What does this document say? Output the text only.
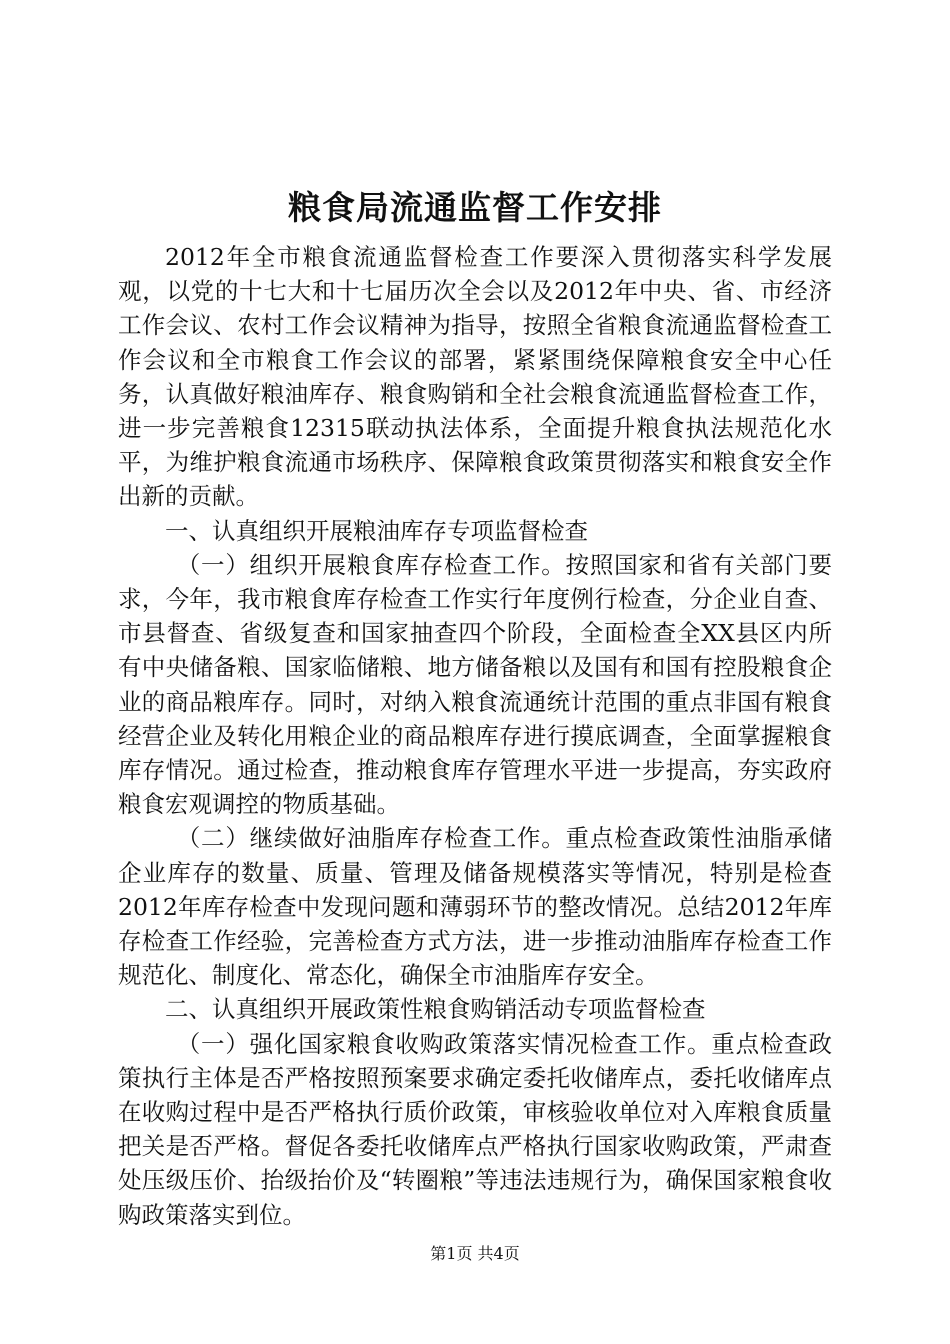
粮食局流通监督工作安排

2012年全市粮食流通监督检查工作要深入贯彻落实科学发展观，以党的十七大和十七届历次全会以及2012年中央、省、市经济工作会议、农村工作会议精神为指导，按照全省粮食流通监督检查工作会议和全市粮食工作会议的部署，紧紧围绕保障粮食安全中心任务，认真做好粮油库存、粮食购销和全社会粮食流通监督检查工作，进一步完善粮食12315联动执法体系，全面提升粮食执法规范化水平，为维护粮食流通市场秩序、保障粮食政策贯彻落实和粮食安全作出新的贡献。

一、认真组织开展粮油库存专项监督检查

（一）组织开展粮食库存检查工作。按照国家和省有关部门要求，今年，我市粮食库存检查工作实行年度例行检查，分企业自查、市县督查、省级复查和国家抽查四个阶段，全面检查全XX县区内所有中央储备粮、国家临储粮、地方储备粮以及国有和国有控股粮食企业的商品粮库存。同时，对纳入粮食流通统计范围的重点非国有粮食经营企业及转化用粮企业的商品粮库存进行摸底调查，全面掌握粮食库存情况。通过检查，推动粮食库存管理水平进一步提高，夯实政府粮食宏观调控的物质基础。

（二）继续做好油脂库存检查工作。重点检查政策性油脂承储企业库存的数量、质量、管理及储备规模落实等情况，特别是检查2012年库存检查中发现问题和薄弱环节的整改情况。总结2012年库存检查工作经验，完善检查方式方法，进一步推动油脂库存检查工作规范化、制度化、常态化，确保全市油脂库存安全。

二、认真组织开展政策性粮食购销活动专项监督检查

（一）强化国家粮食收购政策落实情况检查工作。重点检查政策执行主体是否严格按照预案要求确定委托收储库点，委托收储库点在收购过程中是否严格执行质价政策，审核验收单位对入库粮食质量把关是否严格。督促各委托收储库点严格执行国家收购政策，严肃查处压级压价、抬级抬价及“转圈粮”等违法违规行为，确保国家粮食收购政策落实到位。

第1页 共4页
